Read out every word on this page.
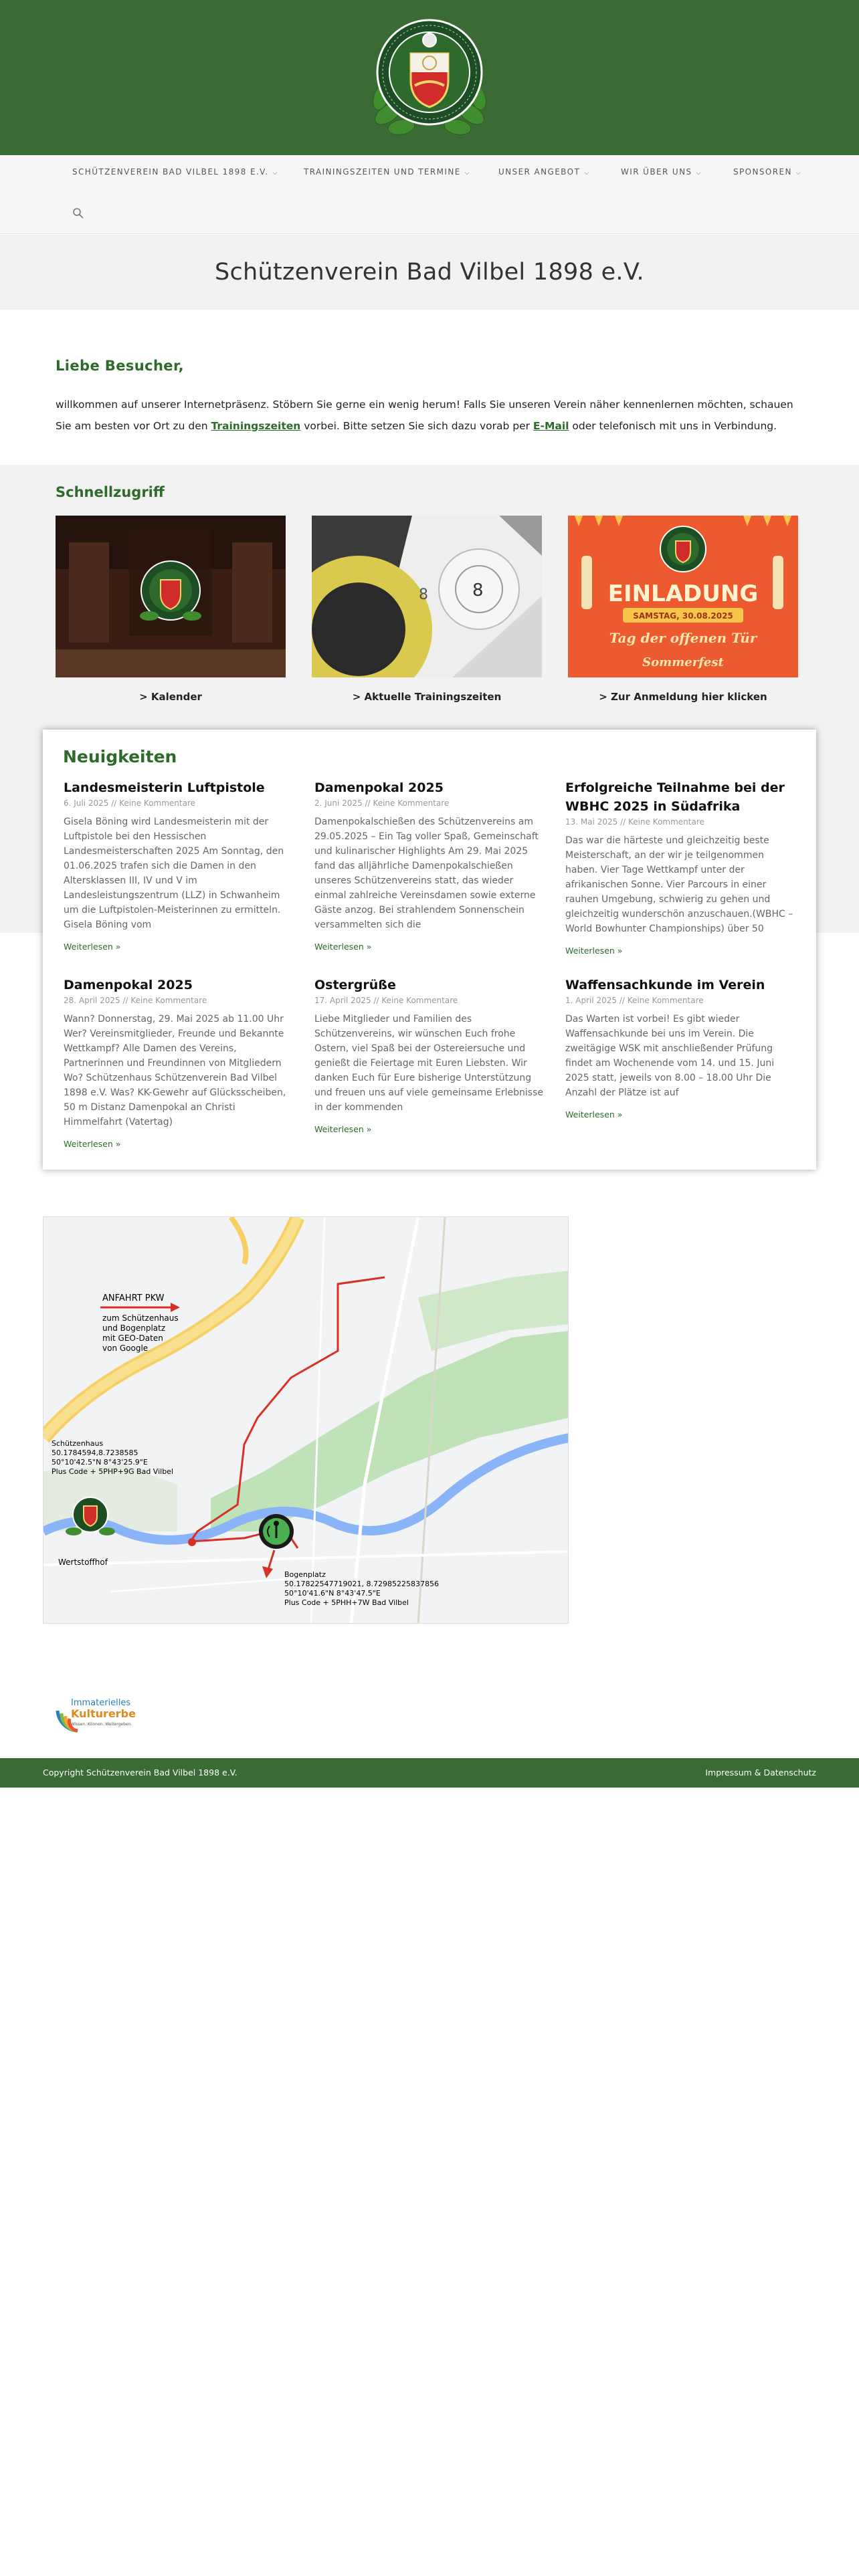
SCHÜTZENVEREIN BAD VILBEL 1898 E.V. ⌵	TRAININGSZEITEN UND TERMINE ⌵	UNSER ANGEBOT ⌵	WIR ÜBER UNS ⌵	SPONSOREN ⌵
Schützenverein Bad Vilbel 1898 e.V.
Liebe Besucher,

willkommen auf unserer Internetpräsenz. Stöbern Sie gerne ein wenig herum! Falls Sie unseren Verein näher kennenlernen möchten, schauen Sie am besten vor Ort zu den Trainingszeiten vorbei. Bitte setzen Sie sich dazu vorab per E-Mail oder telefonisch mit uns in Verbindung.

Schnellzugriff
8
8	EINLADUNG
SAMSTAG, 30.08.2025
Tag der offenen Tür
Sommerfest
> Kalender	> Aktuelle Trainingszeiten	> Zur Anmeldung hier klicken
Neuigkeiten
Landesmeisterin Luftpistole
6. Juli 2025 // Keine Kommentare
Gisela Böning wird Landesmeisterin mit der Luftpistole bei den Hessischen Landesmeisterschaften 2025 Am Sonntag, den 01.06.2025 trafen sich die Damen in den Altersklassen III, IV und V im Landesleistungszentrum (LLZ) in Schwanheim um die Luftpistolen-Meisterinnen zu ermitteln. Gisela Böning vom
Weiterlesen »
Damenpokal 2025
2. Juni 2025 // Keine Kommentare
Damenpokalschießen des Schützenvereins am 29.05.2025 – Ein Tag voller Spaß, Gemeinschaft und kulinarischer Highlights Am 29. Mai 2025 fand das alljährliche Damenpokalschießen unseres Schützenvereins statt, das wieder einmal zahlreiche Vereinsdamen sowie externe Gäste anzog. Bei strahlendem Sonnenschein versammelten sich die
Weiterlesen »
Erfolgreiche Teilnahme bei der WBHC 2025 in Südafrika
13. Mai 2025 // Keine Kommentare
Das war die härteste und gleichzeitig beste Meisterschaft, an der wir je teilgenommen haben. Vier Tage Wettkampf unter der afrikanischen Sonne. Vier Parcours in einer rauhen Umgebung, schwierig zu gehen und gleichzeitig wunderschön anzuschauen.(WBHC – World Bowhunter Championships) über 50
Weiterlesen »
Damenpokal 2025
28. April 2025 // Keine Kommentare
Wann? Donnerstag, 29. Mai 2025 ab 11.00 Uhr Wer? Vereinsmitglieder, Freunde und Bekannte Wettkampf? Alle Damen des Vereins, Partnerinnen und Freundinnen von Mitgliedern Wo? Schützenhaus Schützenverein Bad Vilbel 1898 e.V. Was? KK-Gewehr auf Glücksscheiben, 50 m Distanz Damenpokal an Christi Himmelfahrt (Vatertag)
Weiterlesen »
Ostergrüße
17. April 2025 // Keine Kommentare
Liebe Mitglieder und Familien des Schützenvereins, wir wünschen Euch frohe Ostern, viel Spaß bei der Ostereiersuche und genießt die Feiertage mit Euren Liebsten. Wir danken Euch für Eure bisherige Unterstützung und freuen uns auf viele gemeinsame Erlebnisse in der kommenden
Weiterlesen »
Waffensachkunde im Verein
1. April 2025 // Keine Kommentare
Das Warten ist vorbei! Es gibt wieder Waffensachkunde bei uns im Verein. Die zweitägige WSK mit anschließender Prüfung findet am Wochenende vom 14. und 15. Juni 2025 statt, jeweils von 8.00 – 18.00 Uhr Die Anzahl der Plätze ist auf
Weiterlesen »
ANFAHRT PKW
zum Schützenhaus
und Bogenplatz
mit GEO-Daten
von Google
Schützenhaus
50.1784594,8.7238585
50°10'42.5"N 8°43'25.9"E
Plus Code + 5PHP+9G Bad Vilbel
Wertstoffhof
Bogenplatz
50.17822547719021, 8.72985225837856
50°10'41.6"N 8°43'47.5"E
Plus Code + 5PHH+7W Bad Vilbel
Immaterielles
Kulturerbe
Wissen. Können. Weitergeben.
Copyright Schützenverein Bad Vilbel 1898 e.V.	Impressum & Datenschutz
